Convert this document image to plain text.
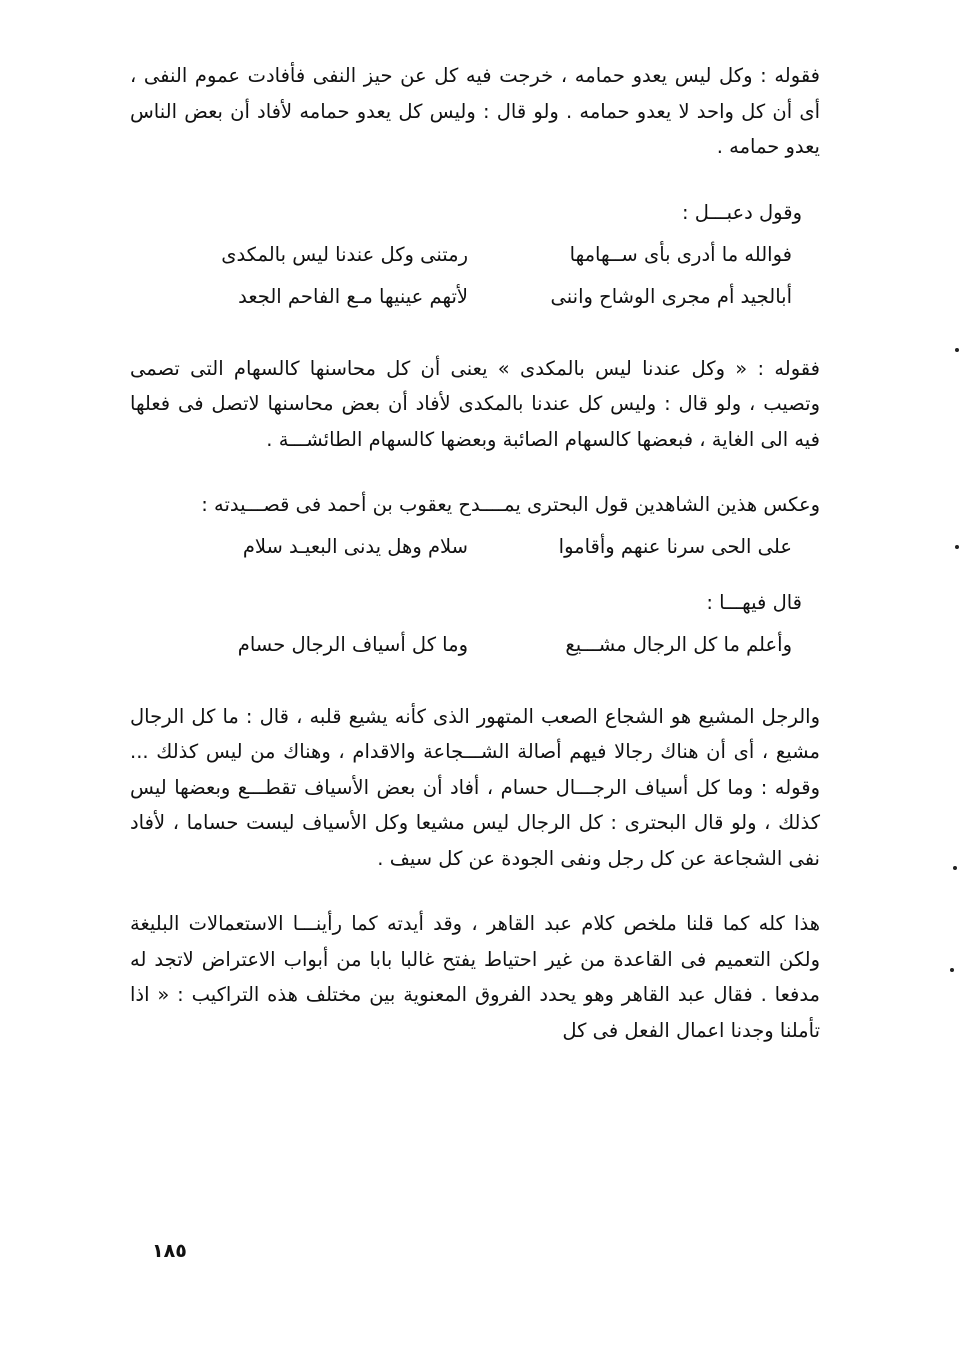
فقوله : وكل ليس يعدو حمامه ، خرجت فيه كل عن حيز النفى فأفادت عموم النفى ، أى أن كل واحد لا يعدو حمامه . ولو قال : وليس كل يعدو حمامه لأفاد أن بعض الناس يعدو حمامه .

وقول دعبـــل :

فوالله ما أدرى بأى ســهامها
رمتنى وكل عندنا ليس بالمكدى
أبالجيد أم مجرى الوشاح واننى
لأتهم عينيها مـع الفاحم الجعد

فقوله : « وكل عندنا ليس بالمكدى » يعنى أن كل محاسنها كالسهام التى تصمى وتصيب ، ولو قال : وليس كل عندنا بالمكدى لأفاد أن بعض محاسنها لاتصل فى فعلها فيه الى الغاية ، فبعضها كالسهام الصائبة وبعضها كالسهام الطائشـــة .

وعكس هذين الشاهدين قول البحترى يمــــدح يعقوب بن أحمد فى قصـــيدته :

على الحى سرنا عنهم وأقاموا
سلام وهل يدنى البعيـد سلام

قال فيهـــا :

وأعلم ما كل الرجال مشـــيع
وما كل أسياف الرجال حسام

والرجل المشيع هو الشجاع الصعب المتهور الذى كأنه يشيع قلبه ، قال : ما كل الرجال مشيع ، أى أن هناك رجالا فيهم أصالة الشـــجاعة والاقدام ، وهناك من ليس كذلك ... وقوله : وما كل أسياف الرجـــال حسام ، أفاد أن بعض الأسياف تقطـــع وبعضها ليس كذلك ، ولو قال البحترى : كل الرجال ليس مشيعا وكل الأسياف ليست حساما ، لأفاد نفى الشجاعة عن كل رجل ونفى الجودة عن كل سيف .

هذا كله كما قلنا ملخص كلام عبد القاهر ، وقد أيدته كما رأينـــا الاستعمالات البليغة ولكن التعميم فى القاعدة من غير احتياط يفتح غالبا بابا من أبواب الاعتراض لاتجد له مدفعا . فقال عبد القاهر وهو يحدد الفروق المعنوية بين مختلف هذه التراكيب : « اذا تأملنا وجدنا اعمال الفعل فى كل

١٨٥
